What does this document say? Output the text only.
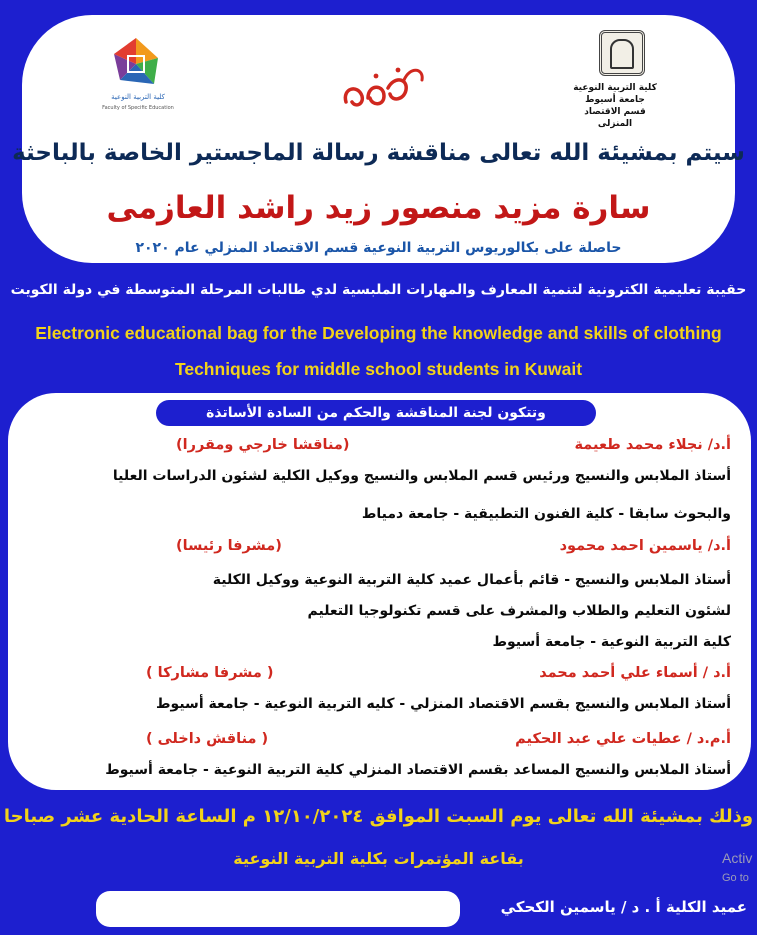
كلية التربية النوعية
جامعة أسيوط
قسم الاقتصاد المنزلى
كلية التربية النوعية
Faculty of Specific Education
سيتم بمشيئة الله تعالى مناقشة رسالة الماجستير الخاصة بالباحثة
سارة مزيد منصور زيد راشد العازمى
حاصلة على بكالوريوس التربية النوعية قسم الاقتصاد المنزلي عام ٢٠٢٠
حقيبة تعليمية الكترونية لتنمية المعارف والمهارات الملبسية لدي طالبات المرحلة المتوسطة في دولة الكويت
Electronic educational bag for the Developing the knowledge and skills of clothing
Techniques for middle school students in Kuwait
وتتكون لجنة المناقشة والحكم من السادة الأساتذة
أ.د/ نجلاء محمد طعيمة
(مناقشا خارجي ومقررا)
أستاذ الملابس والنسيج ورئيس قسم الملابس والنسيج ووكيل الكلية لشئون الدراسات العليا
والبحوث سابقا - كلية الفنون التطبيقية - جامعة دمياط
أ.د/ ياسمين احمد محمود
(مشرفا رئيسا)
أستاذ الملابس والنسيج - قائم بأعمال عميد كلية التربية النوعية ووكيل الكلية
لشئون التعليم والطلاب والمشرف على قسم تكنولوجيا التعليم
كلية التربية النوعية - جامعة أسيوط
أ.د / أسماء علي أحمد محمد
( مشرفا مشاركا )
أستاذ الملابس والنسيج بقسم الاقتصاد المنزلي - كليه التربية النوعية - جامعة أسيوط
أ.م.د / عطيات علي عبد الحكيم
( مناقش داخلى )
أستاذ الملابس والنسيج المساعد بقسم الاقتصاد المنزلي كلية التربية النوعية - جامعة أسيوط
وذلك بمشيئة الله تعالى يوم السبت الموافق ١٢/١٠/٢٠٢٤ م الساعة الحادية عشر صباحا
بقاعة المؤتمرات بكلية التربية النوعية
عميد الكلية أ . د / ياسمين الكحكي
Activ
Go to
